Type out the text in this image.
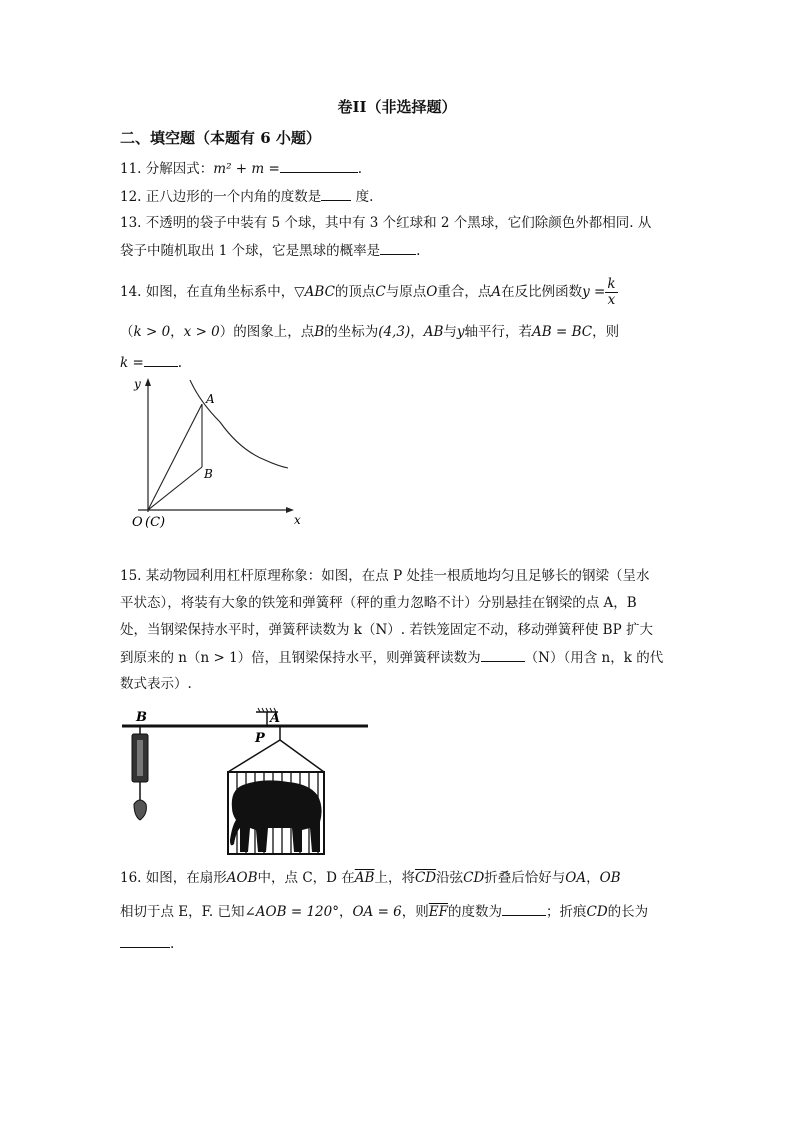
卷II（非选择题）
二、填空题（本题有 6 小题）
11. 分解因式：m² + m =	.
12. 正八边形的一个内角的度数是	度.
13. 不透明的袋子中装有 5 个球，其中有 3 个红球和 2 个黑球，它们除颜色外都相同. 从
袋子中随机取出 1 个球，它是黑球的概率是	.
14. 如图，在直角坐标系中，▽ABC的顶点C与原点O重合，点A在反比例函数$y = \frac{k}{x}$
（k > 0，x > 0）的图象上，点B的坐标为(4,3)，AB与y轴平行，若AB = BC，则
k =	.
y
x
O (C)
A
B
15. 某动物园利用杠杆原理称象：如图，在点 P 处挂一根质地均匀且足够长的钢梁（呈水
平状态），将装有大象的铁笼和弹簧秤（秤的重力忽略不计）分别悬挂在钢梁的点 A，B
处，当钢梁保持水平时，弹簧秤读数为 k（N）. 若铁笼固定不动，移动弹簧秤使 BP 扩大
到原来的 n（n > 1）倍，且钢梁保持水平，则弹簧秤读数为	（N）（用含 n，k 的代
数式表示）.
B	A
P
16. 如图，在扇形AOB中，点 C，D 在$\overline{AB}$上，将$\overline{CD}$沿弦CD折叠后恰好与OA，OB
相切于点 E，F. 已知∠AOB = 120°，OA = 6，则$\overline{EF}$的度数为	；折痕CD的长为
.
